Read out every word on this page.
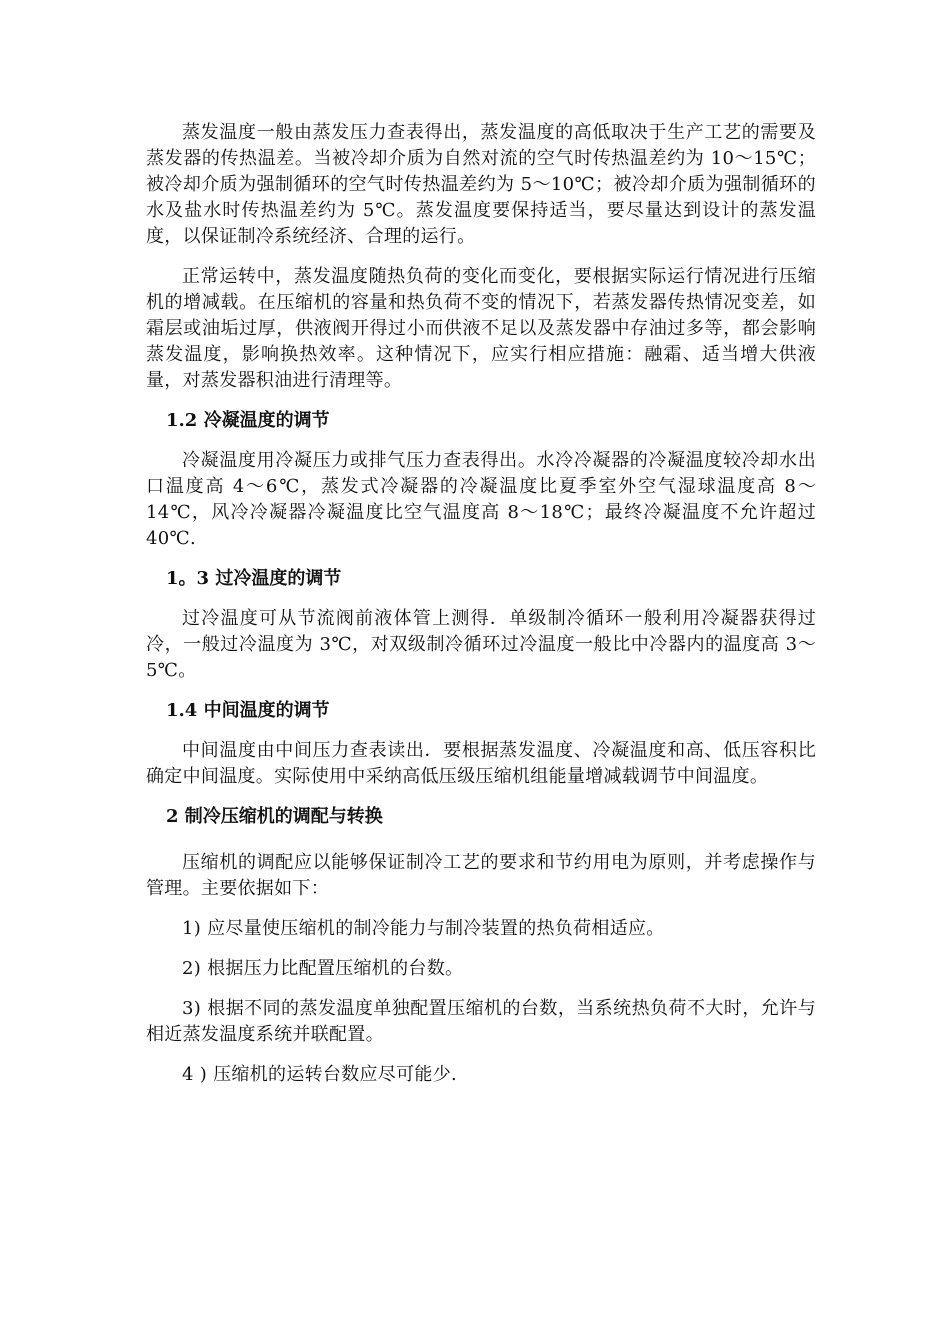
蒸发温度一般由蒸发压力查表得出，蒸发温度的高低取决于生产工艺的需要及蒸发器的传热温差。当被冷却介质为自然对流的空气时传热温差约为 10～15℃；被冷却介质为强制循环的空气时传热温差约为 5～10℃；被冷却介质为强制循环的水及盐水时传热温差约为 5℃。蒸发温度要保持适当，要尽量达到设计的蒸发温度，以保证制冷系统经济、合理的运行。

正常运转中，蒸发温度随热负荷的变化而变化，要根据实际运行情况进行压缩机的增减载。在压缩机的容量和热负荷不变的情况下，若蒸发器传热情况变差，如霜层或油垢过厚，供液阀开得过小而供液不足以及蒸发器中存油过多等，都会影响蒸发温度，影响换热效率。这种情况下，应实行相应措施：融霜、适当增大供液量，对蒸发器积油进行清理等。

1.2 冷凝温度的调节

冷凝温度用冷凝压力或排气压力查表得出。水冷冷凝器的冷凝温度较冷却水出口温度高 4～6℃，蒸发式冷凝器的冷凝温度比夏季室外空气湿球温度高 8～14℃，风冷冷凝器冷凝温度比空气温度高 8～18℃；最终冷凝温度不允许超过 40℃.

1。3 过冷温度的调节

过冷温度可从节流阀前液体管上测得．单级制冷循环一般利用冷凝器获得过冷，一般过冷温度为 3℃，对双级制冷循环过冷温度一般比中冷器内的温度高 3～5℃。

1.4 中间温度的调节

中间温度由中间压力查表读出．要根据蒸发温度、冷凝温度和高、低压容积比确定中间温度。实际使用中采纳高低压级压缩机组能量增减载调节中间温度。

2 制冷压缩机的调配与转换

压缩机的调配应以能够保证制冷工艺的要求和节约用电为原则，并考虑操作与管理。主要依据如下：

1) 应尽量使压缩机的制冷能力与制冷装置的热负荷相适应。

2) 根据压力比配置压缩机的台数。

3) 根据不同的蒸发温度单独配置压缩机的台数，当系统热负荷不大时，允许与相近蒸发温度系统并联配置。

4 ) 压缩机的运转台数应尽可能少.
